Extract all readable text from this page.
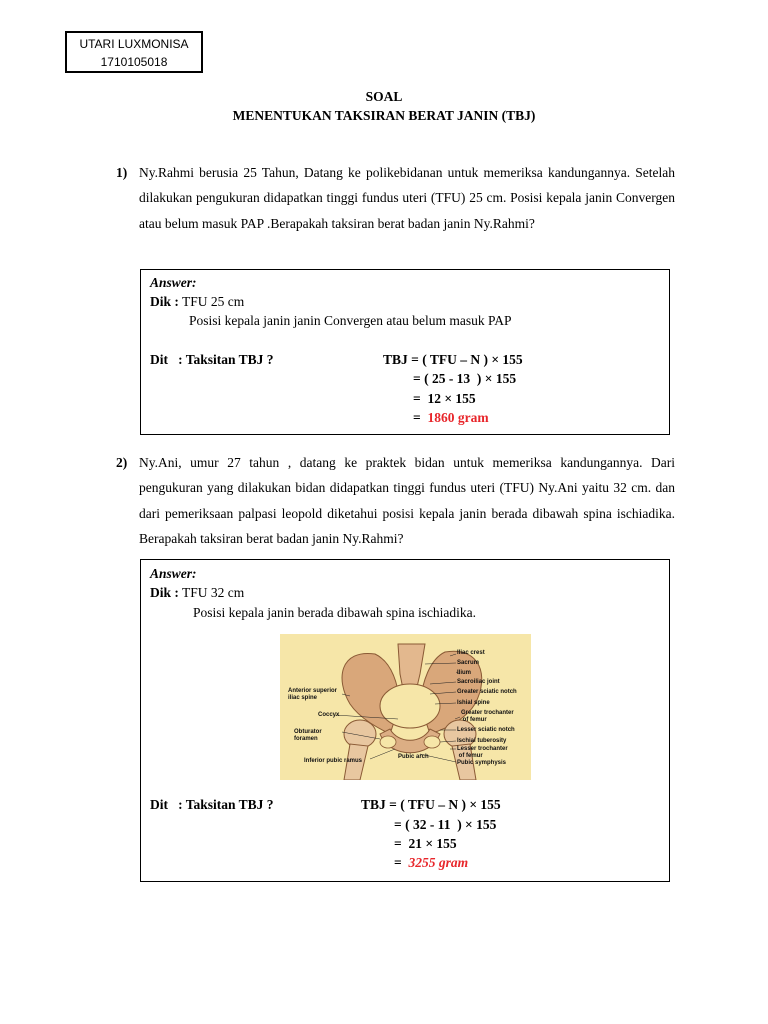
UTARI LUXMONISA
1710105018
SOAL
MENENTUKAN TAKSIRAN BERAT JANIN (TBJ)
1) Ny.Rahmi berusia 25 Tahun, Datang ke polikebidanan untuk memeriksa kandungannya. Setelah dilakukan pengukuran didapatkan tinggi fundus uteri (TFU) 25 cm. Posisi kepala janin Convergen atau belum masuk PAP .Berapakah taksiran berat badan janin Ny.Rahmi?

Answer:
Dik : TFU 25 cm
Posisi kepala janin janin Convergen atau belum masuk PAP
Dit   : Taksitan TBJ ?	TBJ = ( TFU – N ) × 155
= ( 25 - 13  ) × 155
=  12 × 155
=  1860 gram
2) Ny.Ani, umur 27 tahun , datang ke praktek bidan untuk memeriksa kandungannya. Dari pengukuran yang dilakukan bidan didapatkan tinggi fundus uteri (TFU) Ny.Ani yaitu 32 cm. dan dari pemeriksaan palpasi leopold diketahui posisi kepala janin berada dibawah spina ischiadika. Berapakah taksiran berat badan janin Ny.Rahmi?

Answer:
Dik : TFU 32 cm
Posisi kepala janin berada dibawah spina ischiadika.
Iliac crest
Sacrum
Ilium
Sacroiliac joint
Greater sciatic notch
Ishial spine
Greater trochanter
of femur
Lesser sciatic notch
Ischial tuberosity
Lesser trochanter
of femur
Pubic symphysis
Anterior superior
iliac spine
Coccyx
Obturator
foramen
Inferior pubic ramus
Pubic arch
Dit   : Taksitan TBJ ?	TBJ = ( TFU – N ) × 155
= ( 32 - 11  ) × 155
=  21 × 155
=  3255 gram
